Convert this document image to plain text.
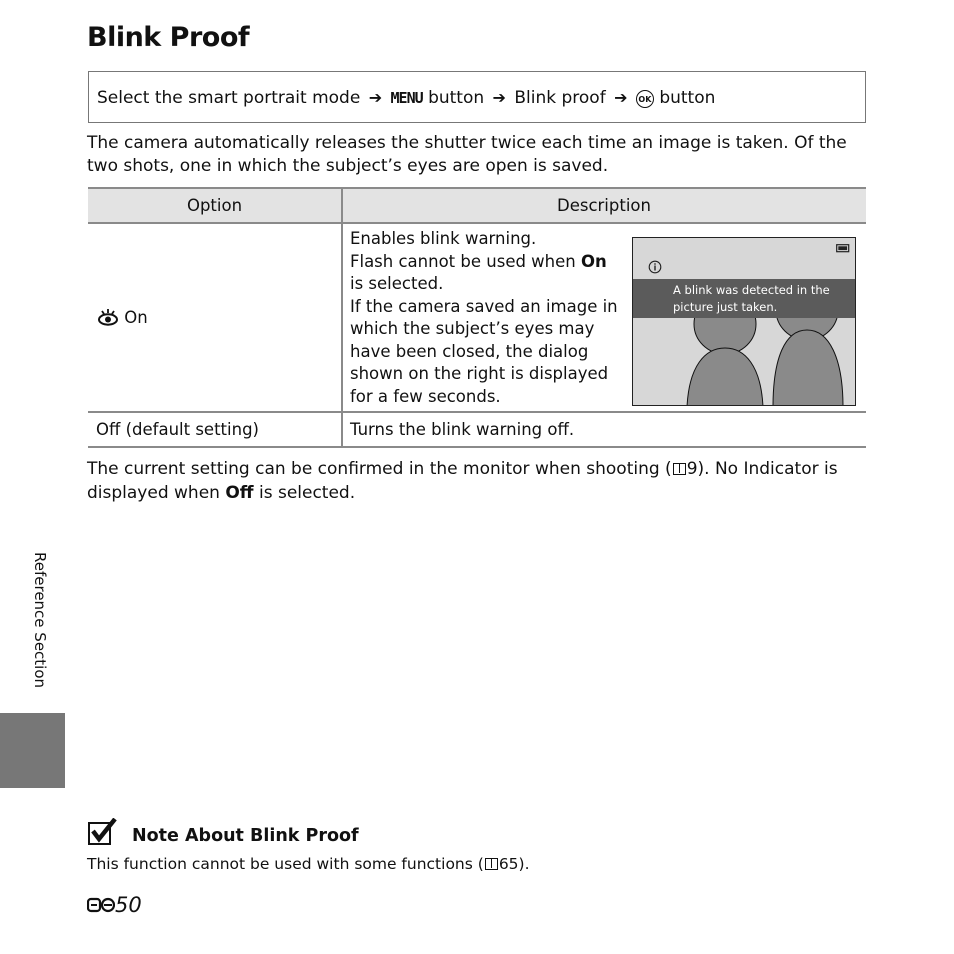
Blink Proof
Select the smart portrait mode ➔ MENU button ➔ Blink proof ➔ OK button
The camera automatically releases the shutter twice each time an image is taken. Of the two shots, one in which the subject’s eyes are open is saved.
Option	Description
On
Enables blink warning.
Flash cannot be used when On is selected.
If the camera saved an image in which the subject’s eyes may have been closed, the dialog shown on the right is displayed for a few seconds.
A blink was detected in the picture just taken.
Off (default setting)	Turns the blink warning off.
The current setting can be confirmed in the monitor when shooting ( 9). No Indicator is displayed when Off is selected.
Reference Section
Note About Blink Proof
This function cannot be used with some functions ( 65).
50
